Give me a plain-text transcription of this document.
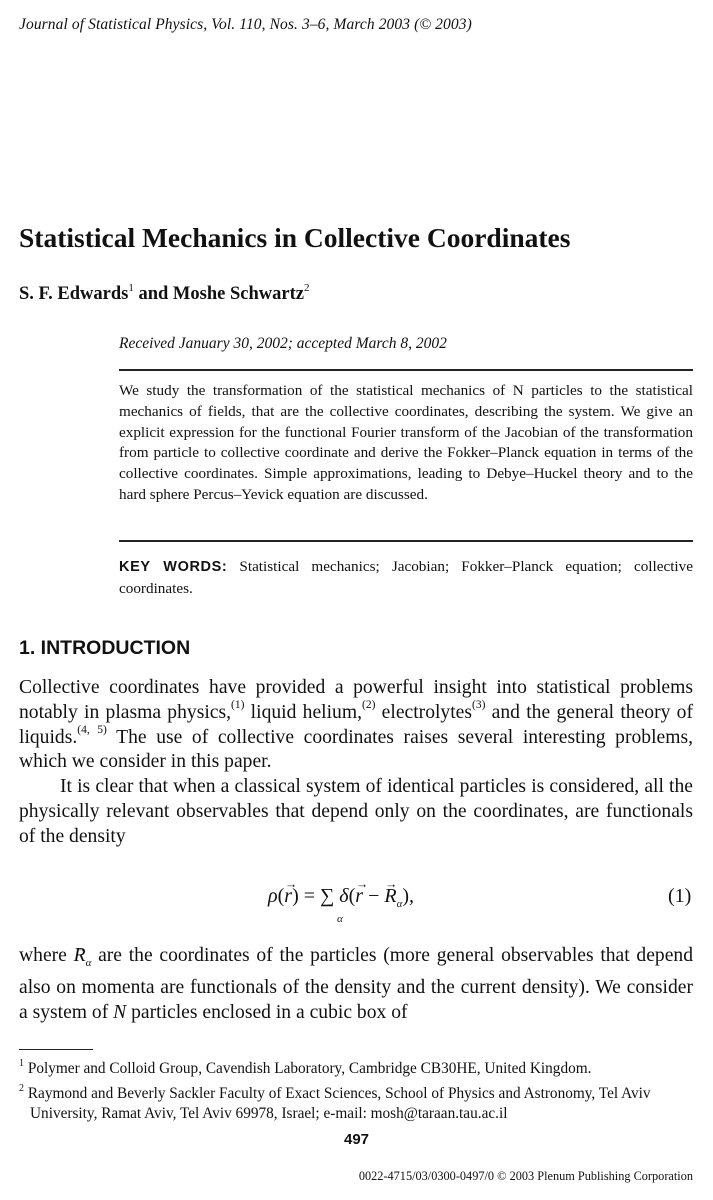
Journal of Statistical Physics, Vol. 110, Nos. 3–6, March 2003 (© 2003)
Statistical Mechanics in Collective Coordinates
S. F. Edwards$^1$ and Moshe Schwartz$^2$
Received January 30, 2002; accepted March 8, 2002
We study the transformation of the statistical mechanics of N particles to the statistical mechanics of fields, that are the collective coordinates, describing the system. We give an explicit expression for the functional Fourier transform of the Jacobian of the transformation from particle to collective coordinate and derive the Fokker–Planck equation in terms of the collective coordinates. Simple approximations, leading to Debye–Huckel theory and to the hard sphere Percus–Yevick equation are discussed.
KEY WORDS: Statistical mechanics; Jacobian; Fokker–Planck equation; collective coordinates.
1. INTRODUCTION
Collective coordinates have provided a powerful insight into statistical problems notably in plasma physics,$^{(1)}$ liquid helium,$^{(2)}$ electrolytes$^{(3)}$ and the general theory of liquids.$^{(4, 5)}$ The use of collective coordinates raises several interesting problems, which we consider in this paper.
It is clear that when a classical system of identical particles is considered, all the physically relevant observables that depend only on the coordinates, are functionals of the density
ρ(→ r) = ∑ δ(→ r − → $R_\alpha$),
α
(1)
where → $R_\alpha$ are the coordinates of the particles (more general observables that depend also on momenta are functionals of the density and the current density). We consider a system of N particles enclosed in a cubic box of
$^1$ Polymer and Colloid Group, Cavendish Laboratory, Cambridge CB30HE, United Kingdom.
$^2$ Raymond and Beverly Sackler Faculty of Exact Sciences, School of Physics and Astronomy, Tel Aviv University, Ramat Aviv, Tel Aviv 69978, Israel; e-mail: mosh@taraan.tau.ac.il
497
0022-4715/03/0300-0497/0 © 2003 Plenum Publishing Corporation
